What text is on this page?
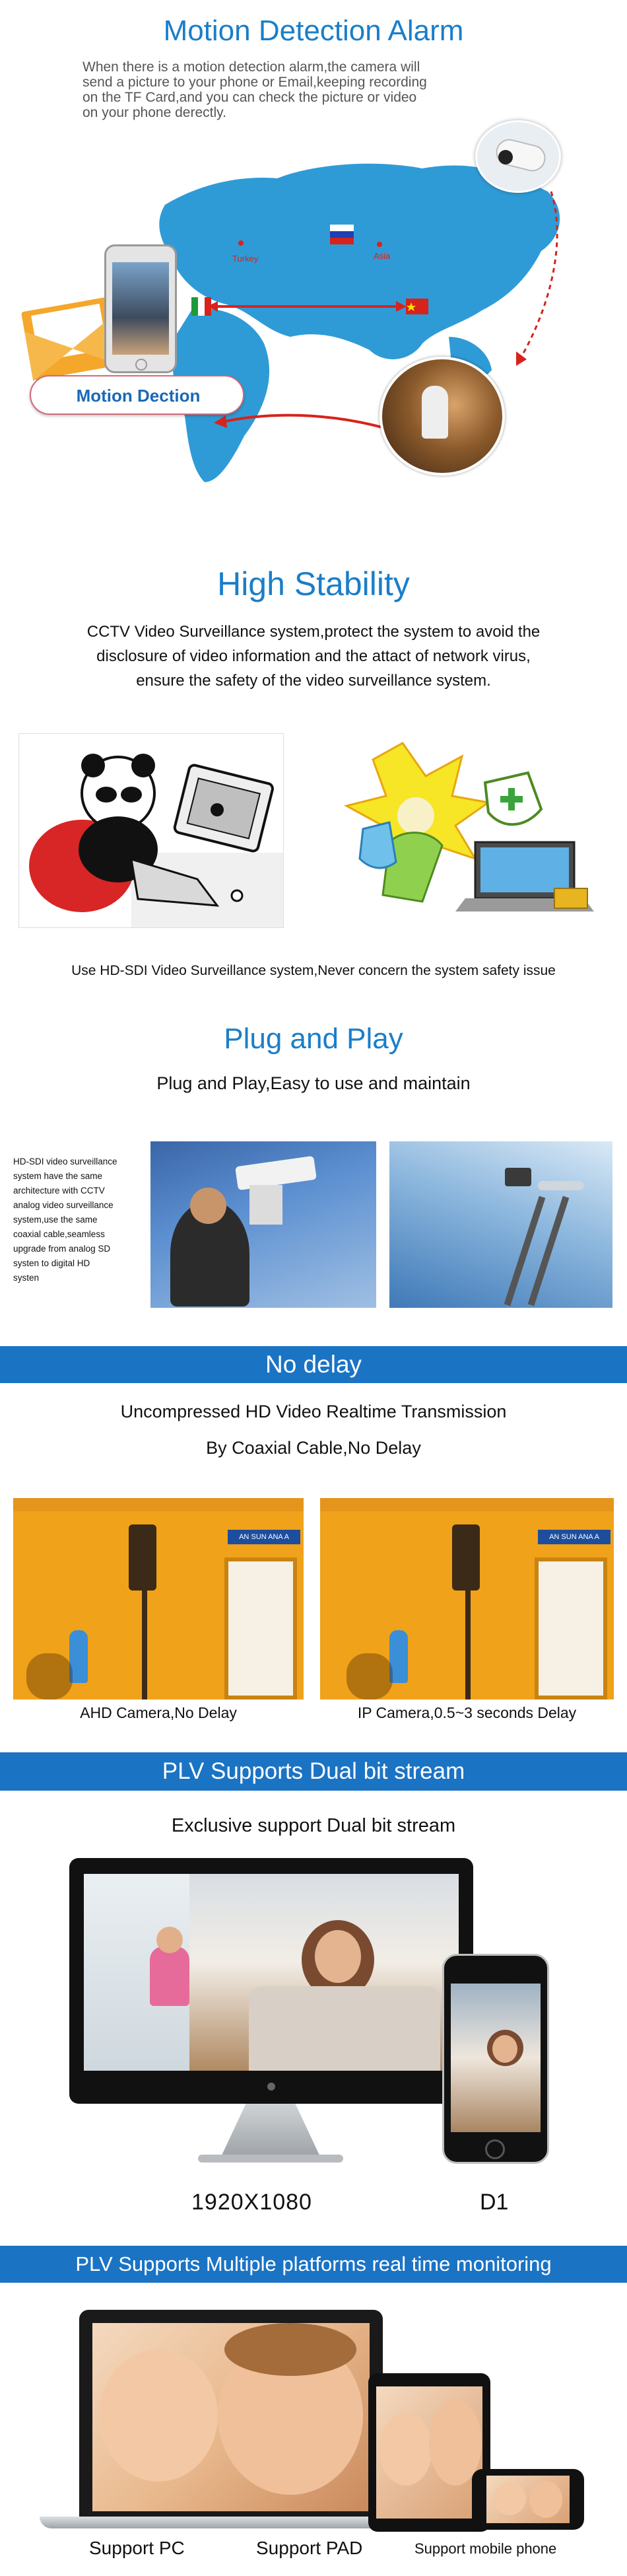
Motion Detection Alarm
When there is a motion detection alarm,the camera will
send a picture to your phone or Email,keeping recording
on the TF Card,and you can check the picture or video
on your phone derectly.
Turkey	Asia
Motion Dection
High Stability
CCTV Video Surveillance system,protect the system to avoid the
disclosure of video information and the attact of network virus,
ensure the safety of the video surveillance system.
Use HD-SDI Video Surveillance system,Never concern the system safety issue
Plug and Play
Plug and Play,Easy to use and maintain
HD-SDI video surveillance
system have the same
architecture with CCTV
analog video surveillance
system,use the same
coaxial cable,seamless
upgrade from analog SD
systen to digital HD
systen
No delay
Uncompressed HD Video Realtime Transmission
By Coaxial Cable,No Delay
AN SUN ANA A	AN SUN ANA A
AHD Camera,No Delay	IP Camera,0.5~3 seconds Delay
PLV Supports Dual bit stream
Exclusive support Dual bit stream
1920X1080	D1
PLV Supports Multiple platforms real time monitoring
Support PC	Support PAD	Support mobile phone
